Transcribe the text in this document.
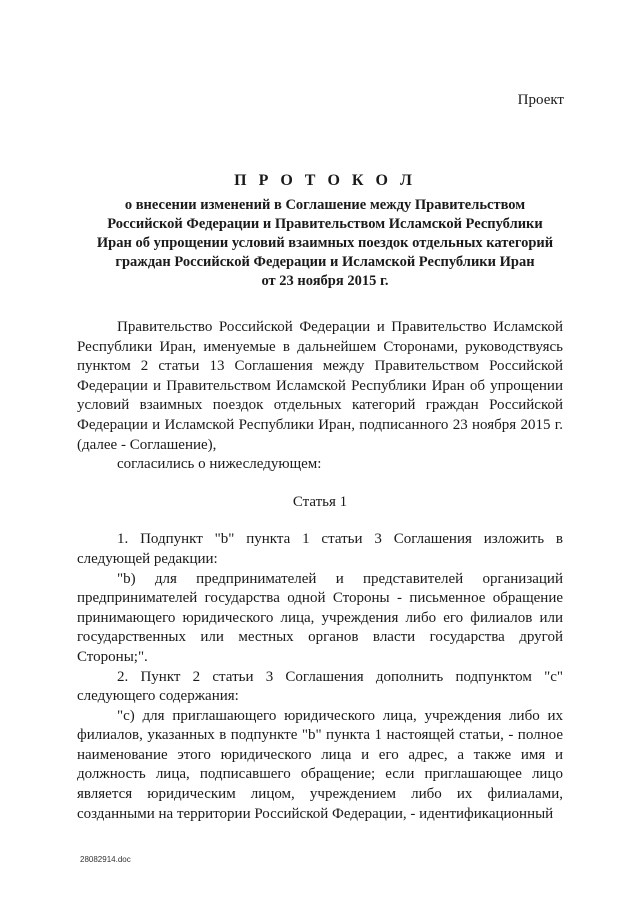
Проект
П Р О Т О К О Л
о внесении изменений в Соглашение между Правительством
Российской Федерации и Правительством Исламской Республики
Иран об упрощении условий взаимных поездок отдельных категорий
граждан Российской Федерации и Исламской Республики Иран
от 23 ноября 2015 г.

Правительство Российской Федерации и Правительство Исламской Республики Иран, именуемые в дальнейшем Сторонами, руководствуясь пунктом 2 статьи 13 Соглашения между Правительством Российской Федерации и Правительством Исламской Республики Иран об упрощении условий взаимных поездок отдельных категорий граждан Российской Федерации и Исламской Республики Иран, подписанного 23 ноября 2015 г. (далее - Соглашение),

согласились о нижеследующем:

Статья 1

1. Подпункт "b" пункта 1 статьи 3 Соглашения изложить в следующей редакции:

"b) для предпринимателей и представителей организаций предпринимателей государства одной Стороны - письменное обращение принимающего юридического лица, учреждения либо его филиалов или государственных или местных органов власти государства другой Стороны;".

2. Пункт 2 статьи 3 Соглашения дополнить подпунктом "с" следующего содержания:

"с) для приглашающего юридического лица, учреждения либо их филиалов, указанных в подпункте "b" пункта 1 настоящей статьи, - полное наименование этого юридического лица и его адрес, а также имя и должность лица, подписавшего обращение; если приглашающее лицо является юридическим лицом, учреждением либо их филиалами, созданными на территории Российской Федерации, - идентификационный

28082914.doc
